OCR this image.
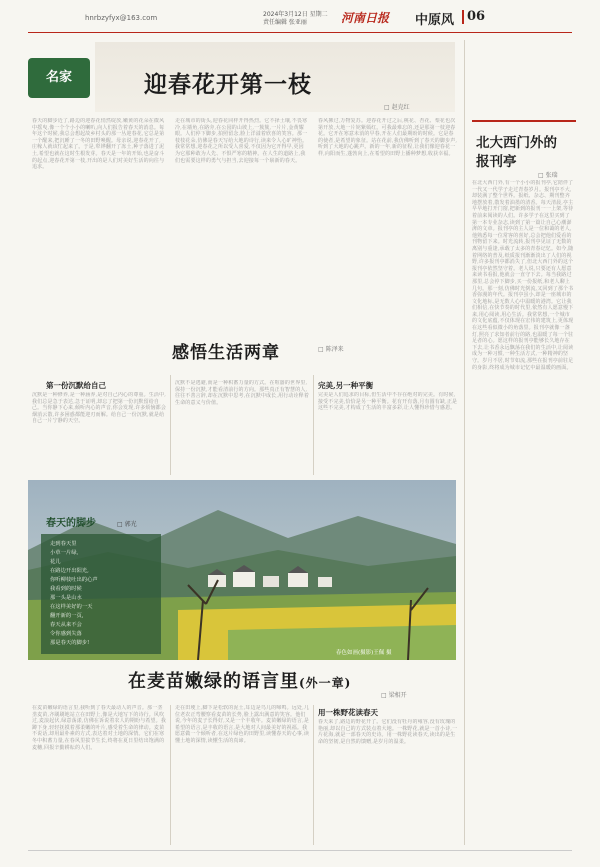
hnrbzyfyx@163.com	2024年3月12日 星期二
责任编辑 张亚丽	河南日报 中原风 06
名家	迎春花开第一枝
□ 赵克红
春天的脚步近了,路边的迎春花悄然绽放,嫩黄的花朵在微风中摇曳,像一个个小小的喇叭,向人们报告着春天的消息。每年这个时候,我总会想起故乡村头的那一丛迎春花,它总是第一个醒来,把沉睡了一冬的田野唤醒。母亲说,迎春花开了,庄稼人就该忙起来了。于是,犁铧翻开了冻土,种子落进了泥土,希望也就在这时生根发芽。春天是一年的开始,也是奋斗的起点,迎春花开第一枝,开出的是人们对美好生活的向往与追求。
走在城市的街头,迎春花同样开得热烈。它不择土壤,不畏寒冷,在墙角,在路旁,在公园的山坡上,一簇簇,一片片,金黄耀眼。人们停下脚步,拍照留念,脸上洋溢着欣喜的笑容。那一枝枝花朵,仿佛是春天写给大地的诗行,读来令人心旷神怡。我常常想,迎春花之所以受人喜爱,不仅因为它开得早,更因为它那种敢为人先、不惧严寒的精神。在人生的道路上,我们也需要这样的勇气与担当,去迎接每一个崭新的春天。
春风拂过,万物复苏。迎春花开过之后,桃花、杏花、梨花也次第开放,大地一片姹紫嫣红。可我最难忘的,还是那第一枝迎春花。它开在寒意未消的早春,开在人们最期盼的时候。它是春的使者,是希望的象征。站在花前,我仿佛听到了春天的脚步声,听到了大地的心跳声。新的一年,新的征程,让我们像迎春花一样,向阳而生,蓬勃向上,在希望的田野上播种梦想,收获幸福。
感悟生活两章	□ 陈泽来
第一份沉默给自己
沉默是一种修养,是一种涵养,是对自己内心的尊重。生活中,我们总是急于表达,急于证明,却忘了把第一份沉默留给自己。当你静下心来,倾听内心的声音,你会发现,许多烦恼都会烟消云散,许多困惑都能迎刃而解。给自己一份沉默,就是给自己一片宁静的天空。
沉默不是逃避,而是一种积蓄力量的方式。在喧嚣的世界里,保持一份沉默,才能看清前行的方向。那些真正有智慧的人,往往不善言辞,却在沉默中思考,在沉默中成长,用行动诠释着生命的意义与价值。
完美,另一种平衡
完美是人们追求的目标,但生活中不存在绝对的完美。有时候,接受不完美,恰恰是另一种平衡。花有开有落,月有圆有缺,正是这些不完美,才构成了生活的丰富多彩,让人懂得珍惜与感恩。
春天的脚步	□ 郭光
走到春天里
小草一片绿,
花儿
在路边开出阳光,
你听柳枝吐出的心声
我看到的时候
那一头是山水
在这样美好的一天
翻开新的一页,
春天从来不会
令你感到失落
那是春天的脚步!
春色如画(摄影)王佩 摄
在麦苗嫩绿的语言里(外一章)
□ 梁相开
在麦苗嫩绿的语言里,我听到了春天最动人的声音。那一垄垄麦苗,齐刷刷地站立在田野上,像是大地写下的诗行。风吹过,麦浪起伏,绿意荡漾,仿佛在诉说着农人的期盼与希望。我蹲下身,轻轻抚摸着那柔嫩的叶片,感受着生命的律动。麦苗不说话,却用最朴素的方式,表达着对土地的深情。它们在寒冬中积蓄力量,在春风里拔节生长,终将在夏日里结出饱满的麦穗,回报辛勤耕耘的人们。
走在田埂上,脚下是松软的泥土,耳边是鸟儿的啼鸣。远处,几位老农正弯腰察看麦苗的长势,脸上露出满意的笑容。他们说,今年的麦子长得好,又是一个丰收年。麦苗嫩绿的语言,是希望的语言,是丰收的语言,是大地对人间最美好的祝福。我愿意做一个倾听者,在这片绿色的田野里,读懂春天的心事,读懂土地的深情,读懂生活的真谛。
用一株野花读春天
春天来了,路边的野花开了。它们没有牡丹的雍容,没有玫瑰的艳丽,却以自己的方式装点着大地。一株野花,就是一首小诗,一片花海,就是一部春天的史诗。用一株野花读春天,读出的是生命的坚韧,是自然的馈赠,是岁月的温柔。
北大西门外的
报刊亭
□ 张瑞
在北大西门外,有一个小小的报刊亭,它陪伴了一代又一代学子走过青春岁月。报刊亭不大,却装满了整个世界。报纸、杂志、期刊整齐地摆放着,散发着油墨的清香。每天清晨,亭主早早地打开门窗,把新到的报刊一一上架,等待着前来阅读的人们。许多学子在这里买到了第一本专业杂志,读到了第一篇让自己心潮澎湃的文章。报刊亭的主人是一位和蔼的老人,他熟悉每一位常客的喜好,总会把他们爱看的刊物留下来。时光流转,报刊亭见证了无数的离别与重逢,承载了太多的青春记忆。如今,随着网络的普及,纸质报刊渐渐淡出了人们的视野,许多报刊亭都消失了,但北大西门外的这个报刊亭依然坚守着。老人说,只要还有人愿意来读书看报,他就会一直守下去。每当我路过那里,总会停下脚步,买一份报纸,和老人聊上几句。那一刻,仿佛时光倒流,又回到了那个书香弥漫的年代。报刊亭虽小,却是一座城市的文化地标,是无数人心中温暖的港湾。它让我们相信,在快节奏的时代里,依然有人愿意慢下来,用心阅读,用心生活。我常常想,一个城市的文化底蕴,不仅体现在宏伟的建筑上,更体现在这些看似微小的角落里。报刊亭就像一盏灯,照亮了求知者前行的路,也温暖了每一个驻足者的心。愿这样的报刊亭能够长久地存在下去,让书香永远飘荡在我们的生活中,让阅读成为一种习惯,一种生活方式,一种精神的坚守。岁月不居,时节如流,那些在报刊亭前驻足的身影,终将成为城市记忆中最温暖的画面。
